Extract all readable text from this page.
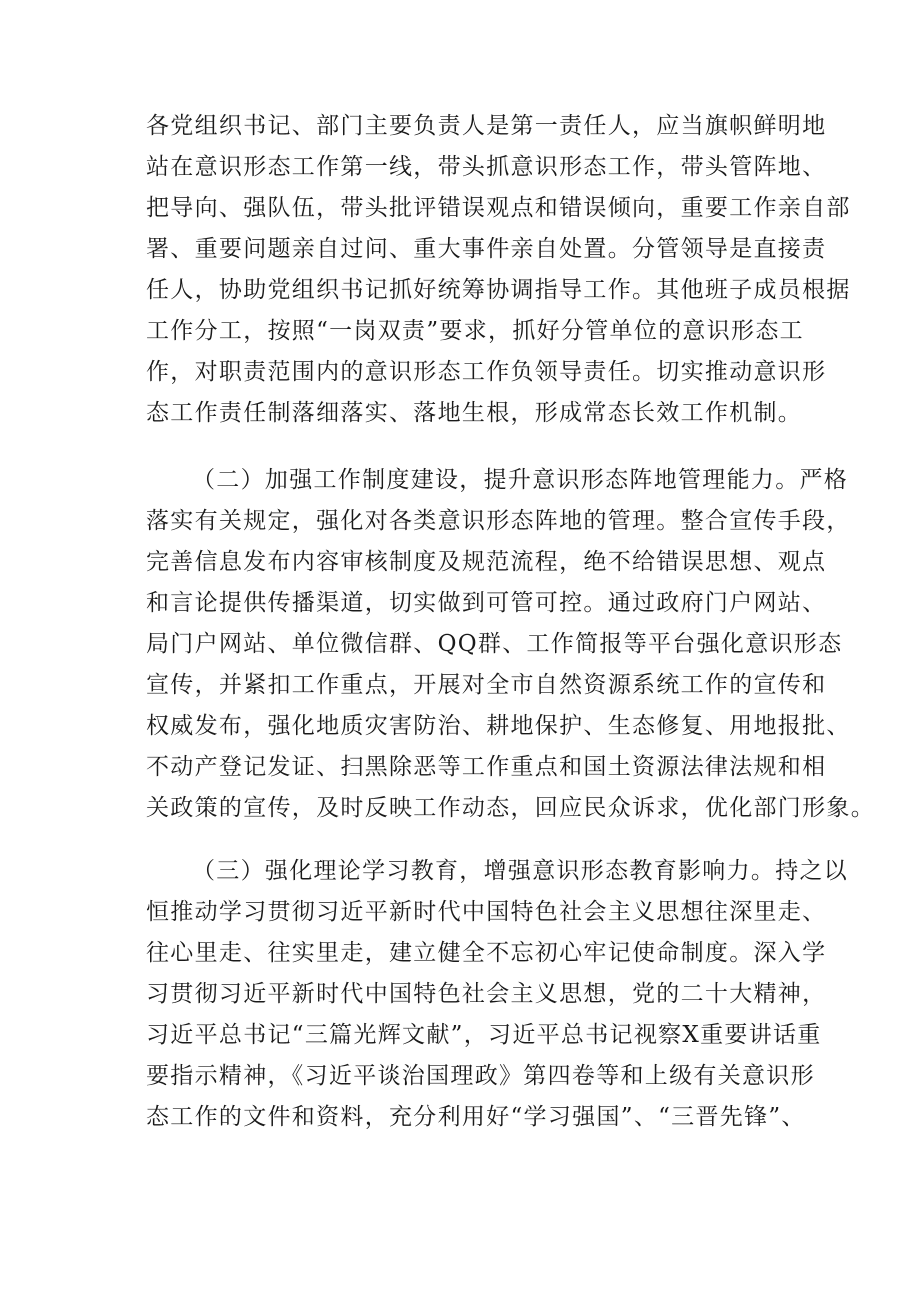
各党组织书记、部门主要负责人是第一责任人，应当旗帜鲜明地
站在意识形态工作第一线，带头抓意识形态工作，带头管阵地、
把导向、强队伍，带头批评错误观点和错误倾向，重要工作亲自部
署、重要问题亲自过问、重大事件亲自处置。分管领导是直接责
任人，协助党组织书记抓好统筹协调指导工作。其他班子成员根据
工作分工，按照“一岗双责”要求，抓好分管单位的意识形态工
作，对职责范围内的意识形态工作负领导责任。切实推动意识形
态工作责任制落细落实、落地生根，形成常态长效工作机制。
（二）加强工作制度建设，提升意识形态阵地管理能力。严格
落实有关规定，强化对各类意识形态阵地的管理。整合宣传手段，
完善信息发布内容审核制度及规范流程，绝不给错误思想、观点
和言论提供传播渠道，切实做到可管可控。通过政府门户网站、
局门户网站、单位微信群、QQ群、工作简报等平台强化意识形态
宣传，并紧扣工作重点，开展对全市自然资源系统工作的宣传和
权威发布，强化地质灾害防治、耕地保护、生态修复、用地报批、
不动产登记发证、扫黑除恶等工作重点和国土资源法律法规和相
关政策的宣传，及时反映工作动态，回应民众诉求，优化部门形象。
（三）强化理论学习教育，增强意识形态教育影响力。持之以
恒推动学习贯彻习近平新时代中国特色社会主义思想往深里走、
往心里走、往实里走，建立健全不忘初心牢记使命制度。深入学
习贯彻习近平新时代中国特色社会主义思想，党的二十大精神，
习近平总书记“三篇光辉文献”，习近平总书记视察X重要讲话重
要指示精神，《习近平谈治国理政》第四卷等和上级有关意识形
态工作的文件和资料，充分利用好“学习强国”、“三晋先锋”、
